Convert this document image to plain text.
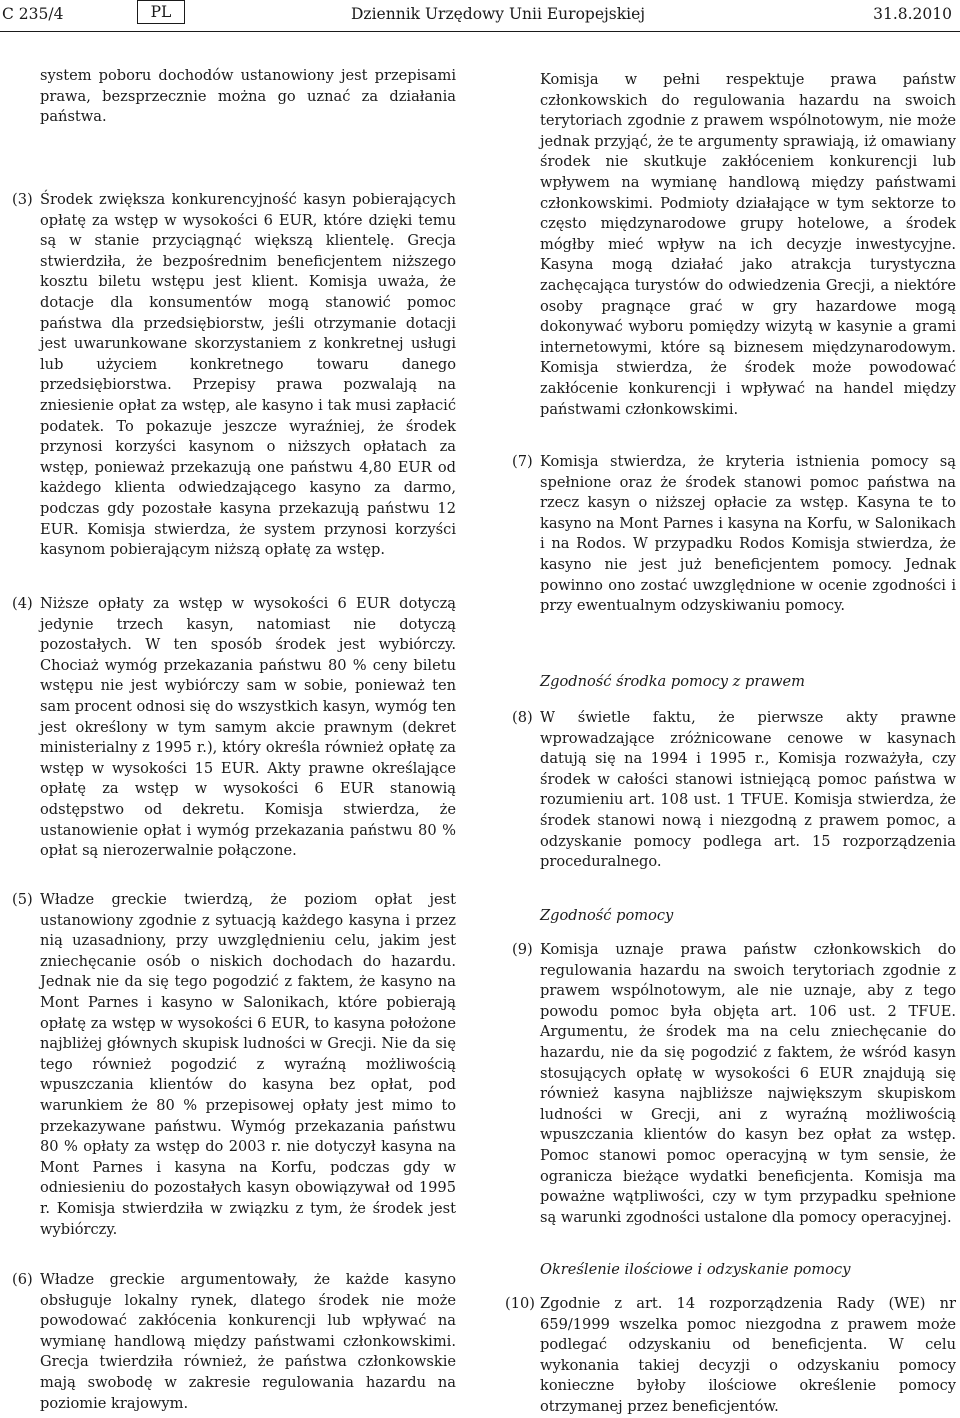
C 235/4	PL	Dziennik Urzędowy Unii Europejskiej	31.8.2010

system poboru dochodów ustanowiony jest przepisami prawa, bezsprzecznie można go uznać za działania państwa.

(3) Środek zwiększa konkurencyjność kasyn pobierających opłatę za wstęp w wysokości 6 EUR, które dzięki temu są w stanie przyciągnąć większą klientelę. Grecja stwierdziła, że bezpośrednim beneficjentem niższego kosztu biletu wstępu jest klient. Komisja uważa, że dotacje dla konsumentów mogą stanowić pomoc państwa dla przedsiębiorstw, jeśli otrzymanie dotacji jest uwarunkowane skorzystaniem z konkretnej usługi lub użyciem konkretnego towaru danego przedsiębiorstwa. Przepisy prawa pozwalają na zniesienie opłat za wstęp, ale kasyno i tak musi zapłacić podatek. To pokazuje jeszcze wyraźniej, że środek przynosi korzyści kasynom o niższych opłatach za wstęp, ponieważ przekazują one państwu 4,80 EUR od każdego klienta odwiedzającego kasyno za darmo, podczas gdy pozostałe kasyna przekazują państwu 12 EUR. Komisja stwierdza, że system przynosi korzyści kasynom pobierającym niższą opłatę za wstęp.

(4) Niższe opłaty za wstęp w wysokości 6 EUR dotyczą jedynie trzech kasyn, natomiast nie dotyczą pozostałych. W ten sposób środek jest wybiórczy. Chociaż wymóg przekazania państwu 80 % ceny biletu wstępu nie jest wybiórczy sam w sobie, ponieważ ten sam procent odnosi się do wszystkich kasyn, wymóg ten jest określony w tym samym akcie prawnym (dekret ministerialny z 1995 r.), który określa również opłatę za wstęp w wysokości 15 EUR. Akty prawne określające opłatę za wstęp w wysokości 6 EUR stanowią odstępstwo od dekretu. Komisja stwierdza, że ustanowienie opłat i wymóg przekazania państwu 80 % opłat są nierozerwalnie połączone.

(5) Władze greckie twierdzą, że poziom opłat jest ustanowiony zgodnie z sytuacją każdego kasyna i przez nią uzasadniony, przy uwzględnieniu celu, jakim jest zniechęcanie osób o niskich dochodach do hazardu. Jednak nie da się tego pogodzić z faktem, że kasyno na Mont Parnes i kasyno w Salonikach, które pobierają opłatę za wstęp w wysokości 6 EUR, to kasyna położone najbliżej głównych skupisk ludności w Grecji. Nie da się tego również pogodzić z wyraźną możliwością wpuszczania klientów do kasyna bez opłat, pod warunkiem że 80 % przepisowej opłaty jest mimo to przekazywane państwu. Wymóg przekazania państwu 80 % opłaty za wstęp do 2003 r. nie dotyczył kasyna na Mont Parnes i kasyna na Korfu, podczas gdy w odniesieniu do pozostałych kasyn obowiązywał od 1995 r. Komisja stwierdziła w związku z tym, że środek jest wybiórczy.

(6) Władze greckie argumentowały, że każde kasyno obsługuje lokalny rynek, dlatego środek nie może powodować zakłócenia konkurencji lub wpływać na wymianę handlową między państwami członkowskimi. Grecja twierdziła również, że państwa członkowskie mają swobodę w zakresie regulowania hazardu na poziomie krajowym.

Komisja w pełni respektuje prawa państw członkowskich do regulowania hazardu na swoich terytoriach zgodnie z prawem wspólnotowym, nie może jednak przyjąć, że te argumenty sprawiają, iż omawiany środek nie skutkuje zakłóceniem konkurencji lub wpływem na wymianę handlową między państwami członkowskimi. Podmioty działające w tym sektorze to często międzynarodowe grupy hotelowe, a środek mógłby mieć wpływ na ich decyzje inwestycyjne. Kasyna mogą działać jako atrakcja turystyczna zachęcająca turystów do odwiedzenia Grecji, a niektóre osoby pragnące grać w gry hazardowe mogą dokonywać wyboru pomiędzy wizytą w kasynie a grami internetowymi, które są biznesem międzynarodowym. Komisja stwierdza, że środek może powodować zakłócenie konkurencji i wpływać na handel między państwami członkowskimi.

(7) Komisja stwierdza, że kryteria istnienia pomocy są spełnione oraz że środek stanowi pomoc państwa na rzecz kasyn o niższej opłacie za wstęp. Kasyna te to kasyno na Mont Parnes i kasyna na Korfu, w Salonikach i na Rodos. W przypadku Rodos Komisja stwierdza, że kasyno nie jest już beneficjentem pomocy. Jednak powinno ono zostać uwzględnione w ocenie zgodności i przy ewentualnym odzyskiwaniu pomocy.

Zgodność środka pomocy z prawem
(8) W świetle faktu, że pierwsze akty prawne wprowadzające zróżnicowane cenowe w kasynach datują się na 1994 i 1995 r., Komisja rozważyła, czy środek w całości stanowi istniejącą pomoc państwa w rozumieniu art. 108 ust. 1 TFUE. Komisja stwierdza, że środek stanowi nową i niezgodną z prawem pomoc, a odzyskanie pomocy podlega art. 15 rozporządzenia proceduralnego.

Zgodność pomocy
(9) Komisja uznaje prawa państw członkowskich do regulowania hazardu na swoich terytoriach zgodnie z prawem wspólnotowym, ale nie uznaje, aby z tego powodu pomoc była objęta art. 106 ust. 2 TFUE. Argumentu, że środek ma na celu zniechęcanie do hazardu, nie da się pogodzić z faktem, że wśród kasyn stosujących opłatę w wysokości 6 EUR znajdują się również kasyna najbliższe największym skupiskom ludności w Grecji, ani z wyraźną możliwością wpuszczania klientów do kasyn bez opłat za wstęp. Pomoc stanowi pomoc operacyjną w tym sensie, że ogranicza bieżące wydatki beneficjenta. Komisja ma poważne wątpliwości, czy w tym przypadku spełnione są warunki zgodności ustalone dla pomocy operacyjnej.

Określenie ilościowe i odzyskanie pomocy
(10) Zgodnie z art. 14 rozporządzenia Rady (WE) nr 659/1999 wszelka pomoc niezgodna z prawem może podlegać odzyskaniu od beneficjenta. W celu wykonania takiej decyzji o odzyskaniu pomocy konieczne byłoby ilościowe określenie pomocy otrzymanej przez beneficjentów.
